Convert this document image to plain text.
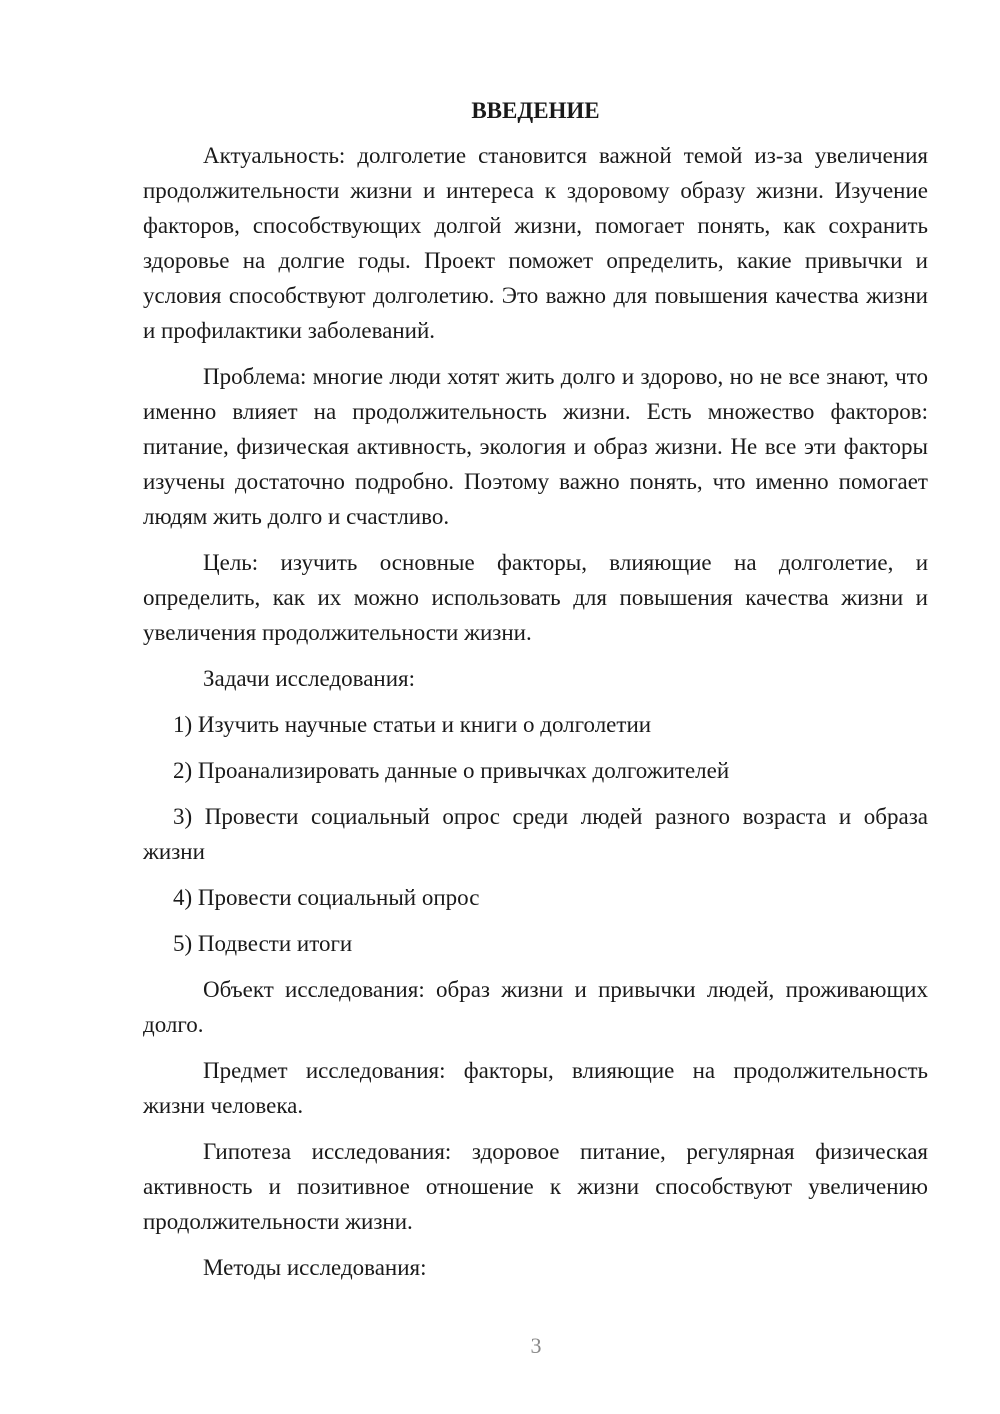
ВВЕДЕНИЕ

Актуальность: долголетие становится важной темой из-за увеличения продолжительности жизни и интереса к здоровому образу жизни. Изучение факторов, способствующих долгой жизни, помогает понять, как сохранить здоровье на долгие годы. Проект поможет определить, какие привычки и условия способствуют долголетию. Это важно для повышения качества жизни и профилактики заболеваний.

Проблема: многие люди хотят жить долго и здорово, но не все знают, что именно влияет на продолжительность жизни. Есть множество факторов: питание, физическая активность, экология и образ жизни. Не все эти факторы изучены достаточно подробно. Поэтому важно понять, что именно помогает людям жить долго и счастливо.

Цель: изучить основные факторы, влияющие на долголетие, и определить, как их можно использовать для повышения качества жизни и увеличения продолжительности жизни.

Задачи исследования:

1) Изучить научные статьи и книги о долголетии

2) Проанализировать данные о привычках долгожителей

3) Провести социальный опрос среди людей разного возраста и образа жизни

4) Провести социальный опрос

5) Подвести итоги

Объект исследования: образ жизни и привычки людей, проживающих долго.

Предмет исследования: факторы, влияющие на продолжительность жизни человека.

Гипотеза исследования: здоровое питание, регулярная физическая активность и позитивное отношение к жизни способствуют увеличению продолжительности жизни.

Методы исследования:

3
